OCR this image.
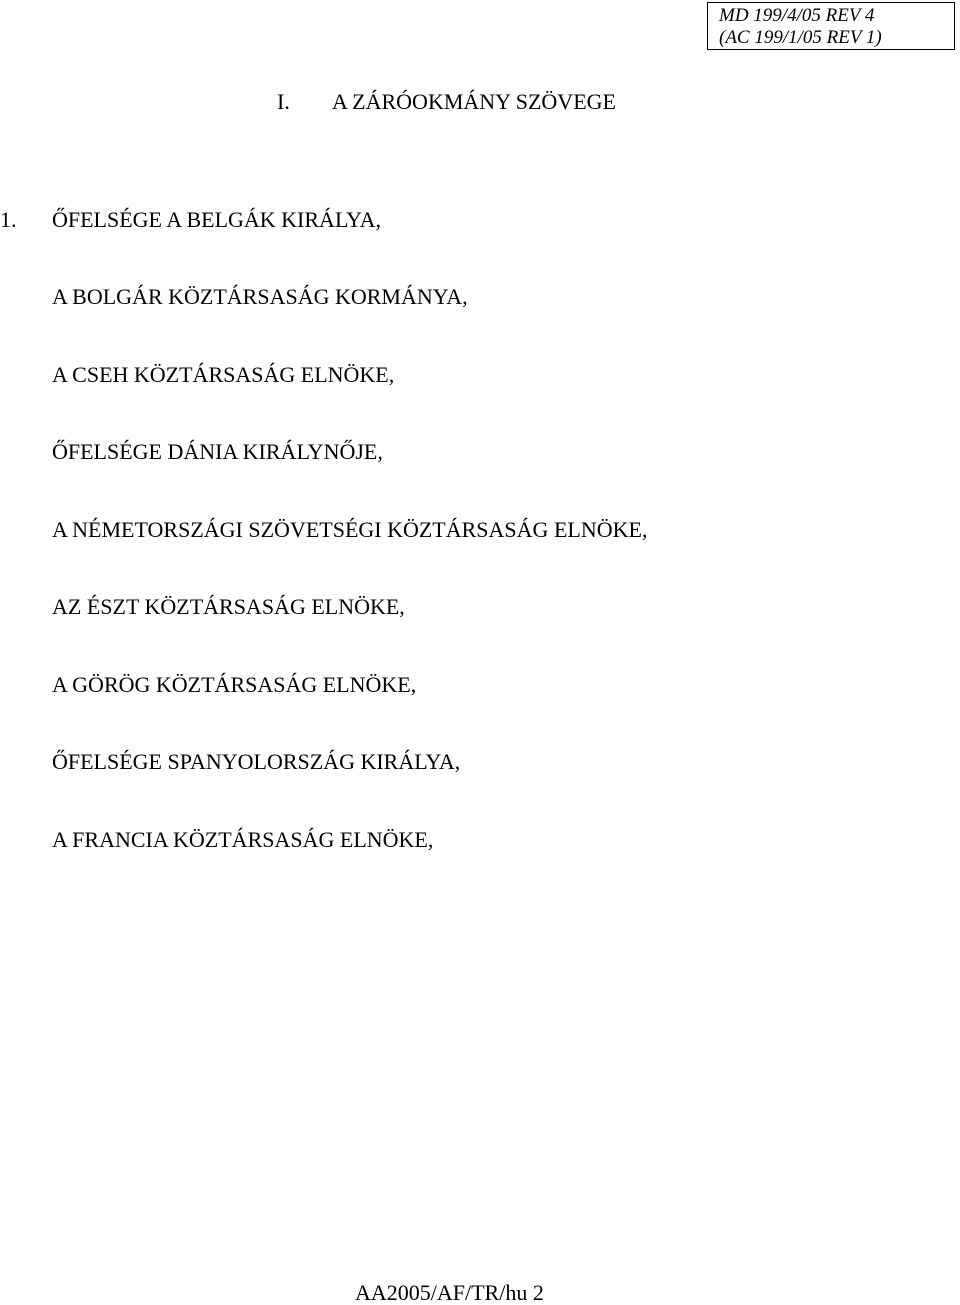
MD 199/4/05 REV 4
(AC 199/1/05 REV 1)
I. A ZÁRÓOKMÁNY SZÖVEGE
1. ŐFELSÉGE A BELGÁK KIRÁLYA,
A BOLGÁR KÖZTÁRSASÁG KORMÁNYA,
A CSEH KÖZTÁRSASÁG ELNÖKE,
ŐFELSÉGE DÁNIA KIRÁLYNŐJE,
A NÉMETORSZÁGI SZÖVETSÉGI KÖZTÁRSASÁG ELNÖKE,
AZ ÉSZT KÖZTÁRSASÁG ELNÖKE,
A GÖRÖG KÖZTÁRSASÁG ELNÖKE,
ŐFELSÉGE SPANYOLORSZÁG KIRÁLYA,
A FRANCIA KÖZTÁRSASÁG ELNÖKE,
AA2005/AF/TR/hu 2
